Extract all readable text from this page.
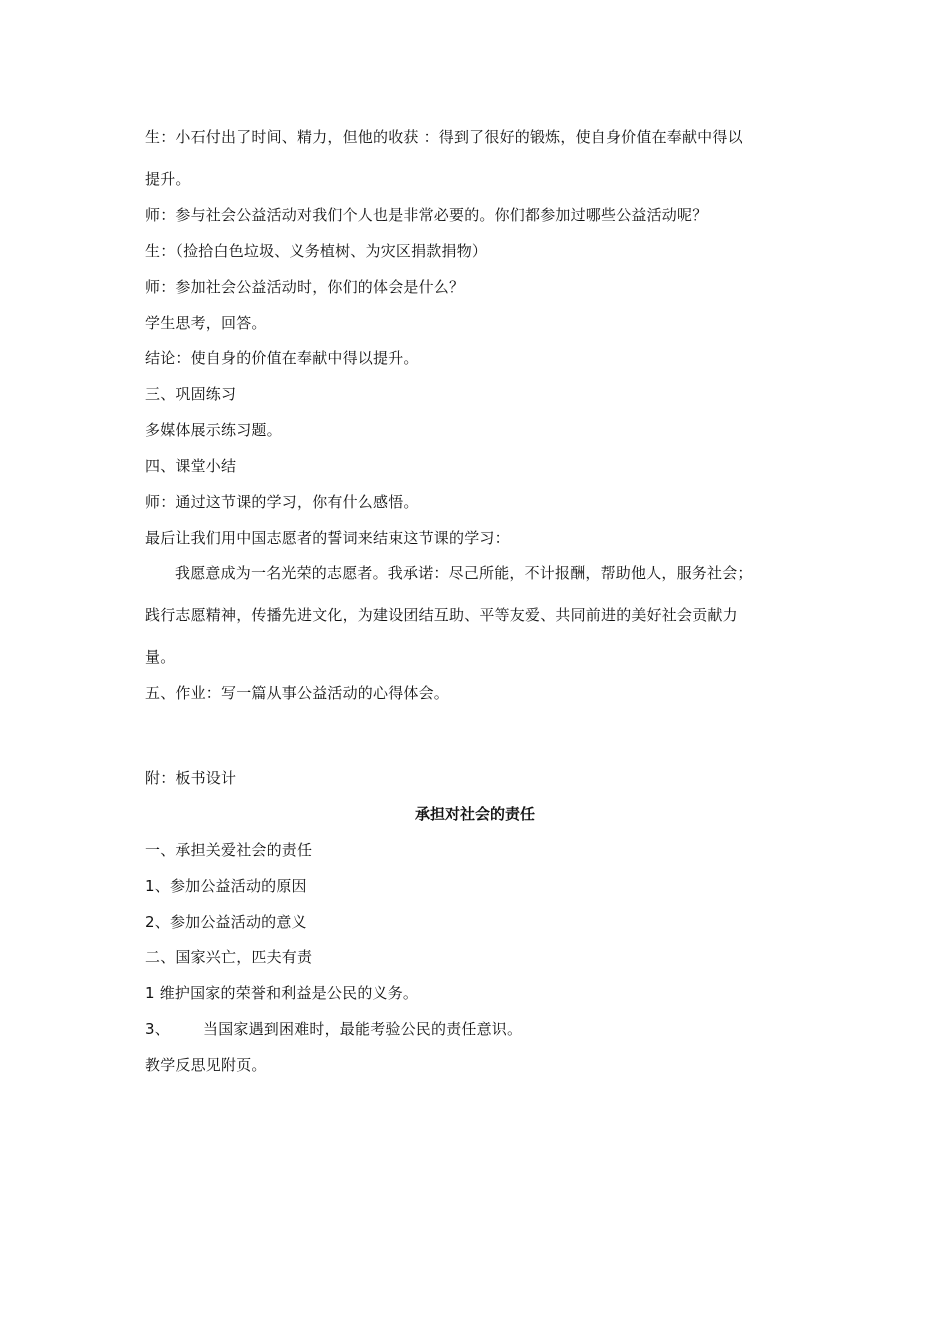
生：小石付出了时间、精力，但他的收获 ：得到了很好的锻炼，使自身价值在奉献中得以
提升。
师：参与社会公益活动对我们个人也是非常必要的。你们都参加过哪些公益活动呢？
生：（捡拾白色垃圾、义务植树、为灾区捐款捐物）
师：参加社会公益活动时，你们的体会是什么？
学生思考，回答。
结论：使自身的价值在奉献中得以提升。
三、巩固练习
多媒体展示练习题。
四、课堂小结
师：通过这节课的学习，你有什么感悟。
最后让我们用中国志愿者的誓词来结束这节课的学习：
我愿意成为一名光荣的志愿者。我承诺：尽己所能，不计报酬，帮助他人，服务社会；
践行志愿精神，传播先进文化，为建设团结互助、平等友爱、共同前进的美好社会贡献力
量。
五、作业：写一篇从事公益活动的心得体会。
附：板书设计
承担对社会的责任
一、承担关爱社会的责任
1、参加公益活动的原因
2、参加公益活动的意义
二、国家兴亡，匹夫有责
1 维护国家的荣誉和利益是公民的义务。
3、 当国家遇到困难时，最能考验公民的责任意识。
教学反思见附页。
